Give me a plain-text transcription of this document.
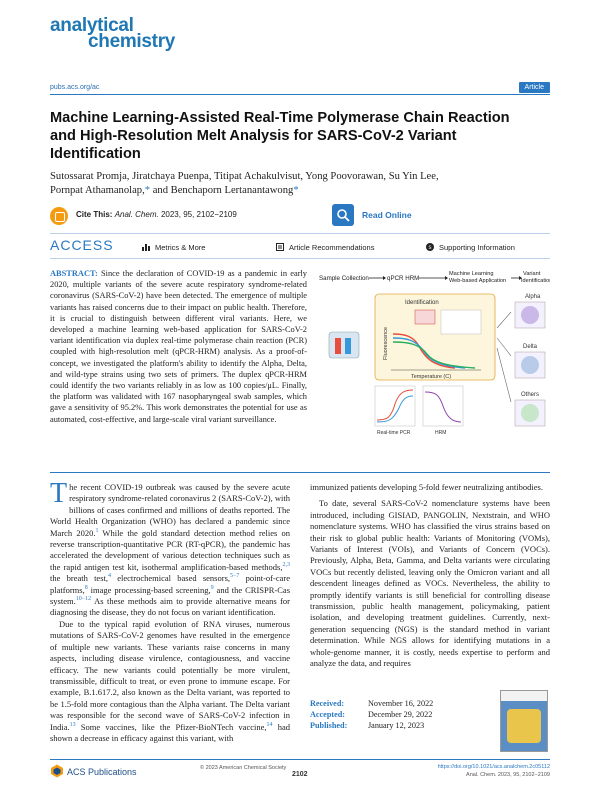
analytical
chemistry
pubs.acs.org/ac	Article
Machine Learning-Assisted Real-Time Polymerase Chain Reaction and High-Resolution Melt Analysis for SARS-CoV-2 Variant Identification
Sutossarat Promja, Jiratchaya Puenpa, Titipat Achakulvisut, Yong Poovorawan, Su Yin Lee,
Pornpat Athamanolap,* and Benchaporn Lertanantawong*
Cite This: Anal. Chem. 2023, 95, 2102−2109	Read Online
ACCESS	Metrics & More	Article Recommendations	s Supporting Information
Sample Collection	qPCR HRM
Machine Learning
Web-based Application
Variant
Identification
Identification
Fluorescence
Temperature (C)
Real-time PCR	HRM
Alpha
Delta
Others
ABSTRACT: Since the declaration of COVID-19 as a pandemic in early 2020, multiple variants of the severe acute respiratory syndrome-related coronavirus (SARS-CoV-2) have been detected. The emergence of multiple variants has raised concerns due to their impact on public health. Therefore, it is crucial to distinguish between different viral variants. Here, we developed a machine learning web-based application for SARS-CoV-2 variant identification via duplex real-time polymerase chain reaction (PCR) coupled with high-resolution melt (qPCR-HRM) analysis. As a proof-of-concept, we investigated the platform's ability to identify the Alpha, Delta, and wild-type strains using two sets of primers. The duplex qPCR-HRM could identify the two variants reliably in as low as 100 copies/μL. Finally, the platform was validated with 167 nasopharyngeal swab samples, which gave a sensitivity of 95.2%. This work demonstrates the potential for use as automated, cost-effective, and large-scale viral variant surveillance.

The recent COVID-19 outbreak was caused by the severe acute respiratory syndrome-related coronavirus 2 (SARS-CoV-2), with billions of cases confirmed and millions of deaths reported. The World Health Organization (WHO) has declared a pandemic since March 2020.$^1$ While the gold standard detection method relies on reverse transcription-quantitative PCR (RT-qPCR), the pandemic has accelerated the development of various detection techniques such as the rapid antigen test kit, isothermal amplification-based methods,$^{2,3}$ the breath test,$^4$ electrochemical based sensors,$^{5-7}$ point-of-care platforms,$^8$ image processing-based screening,$^9$ and the CRISPR-Cas system.$^{10-12}$ As these methods aim to provide alternative means for diagnosing the disease, they do not focus on variant identification.

Due to the typical rapid evolution of RNA viruses, numerous mutations of SARS-CoV-2 genomes have resulted in the emergence of multiple new variants. These variants raise concerns in many aspects, including disease virulence, contagiousness, and vaccine efficacy. The new variants could potentially be more virulent, transmissible, difficult to treat, or even prone to immune escape. For example, B.1.617.2, also known as the Delta variant, was reported to be 1.5-fold more contagious than the Alpha variant. The Delta variant was responsible for the second wave of SARS-CoV-2 infection in India.$^{13}$ Some vaccines, like the Pfizer-BioNTech vaccine,$^{14}$ had shown a decrease in efficacy against this variant, with

immunized patients developing 5-fold fewer neutralizing antibodies.

To date, several SARS-CoV-2 nomenclature systems have been introduced, including GISIAD, PANGOLIN, Nextstrain, and WHO nomenclature systems. WHO has classified the virus strains based on their risk to global public health: Variants of Monitoring (VOMs), Variants of Interest (VOIs), and Variants of Concern (VOCs). Previously, Alpha, Beta, Gamma, and Delta variants were circulating VOCs but recently delisted, leaving only the Omicron variant and all descendent lineages defined as VOCs. Nevertheless, the ability to promptly identify variants is still beneficial for controlling disease transmission, public health management, policymaking, patient isolation, and developing treatment guidelines. Currently, next-generation sequencing (NGS) is the standard method in variant determination. While NGS allows for identifying mutations in a whole-genome manner, it is costly, needs expertise to perform and analyze the data, and requires

Received:	November 16, 2022
Accepted:	December 29, 2022
Published:	January 12, 2023
ACS Publications	© 2023 American Chemical Society
2102
https://doi.org/10.1021/acs.analchem.2c05112
Anal. Chem. 2023, 95, 2102−2109
